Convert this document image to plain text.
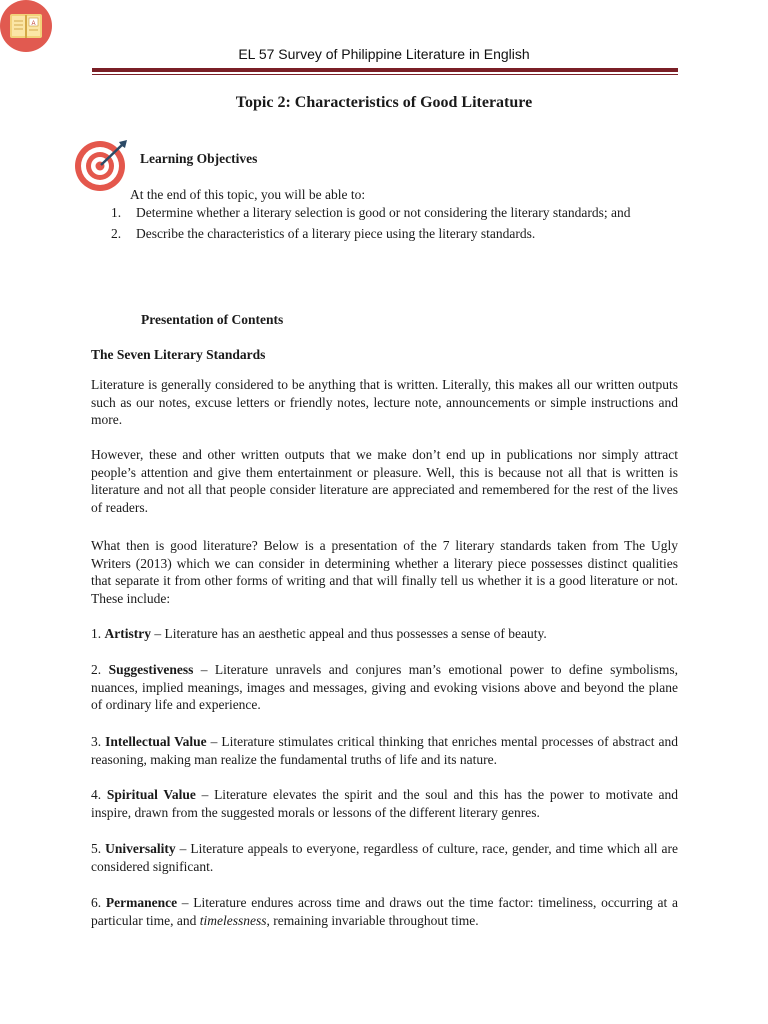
EL 57 Survey of Philippine Literature in English
Topic 2: Characteristics of Good Literature
Learning Objectives
At the end of this topic, you will be able to:
1.	Determine whether a literary selection is good or not considering the literary standards; and
2.	Describe the characteristics of a literary piece using the literary standards.
A
Presentation of Contents
The Seven Literary Standards
Literature is generally considered to be anything that is written. Literally, this makes all our written outputs such as our notes, excuse letters or friendly notes, lecture note, announcements or simple instructions and more.
However, these and other written outputs that we make don’t end up in publications nor simply attract people’s attention and give them entertainment or pleasure. Well, this is because not all that is written is literature and not all that people consider literature are appreciated and remembered for the rest of the lives of readers.
What then is good literature? Below is a presentation of the 7 literary standards taken from The Ugly Writers (2013) which we can consider in determining whether a literary piece possesses distinct qualities that separate it from other forms of writing and that will finally tell us whether it is a good literature or not. These include:
1. Artistry – Literature has an aesthetic appeal and thus possesses a sense of beauty.
2. Suggestiveness – Literature unravels and conjures man’s emotional power to define symbolisms, nuances, implied meanings, images and messages, giving and evoking visions above and beyond the plane of ordinary life and experience.
3. Intellectual Value – Literature stimulates critical thinking that enriches mental processes of abstract and reasoning, making man realize the fundamental truths of life and its nature.
4. Spiritual Value – Literature elevates the spirit and the soul and this has the power to motivate and inspire, drawn from the suggested morals or lessons of the different literary genres.
5. Universality – Literature appeals to everyone, regardless of culture, race, gender, and time which all are considered significant.
6. Permanence – Literature endures across time and draws out the time factor: timeliness, occurring at a particular time, and timelessness, remaining invariable throughout time.
